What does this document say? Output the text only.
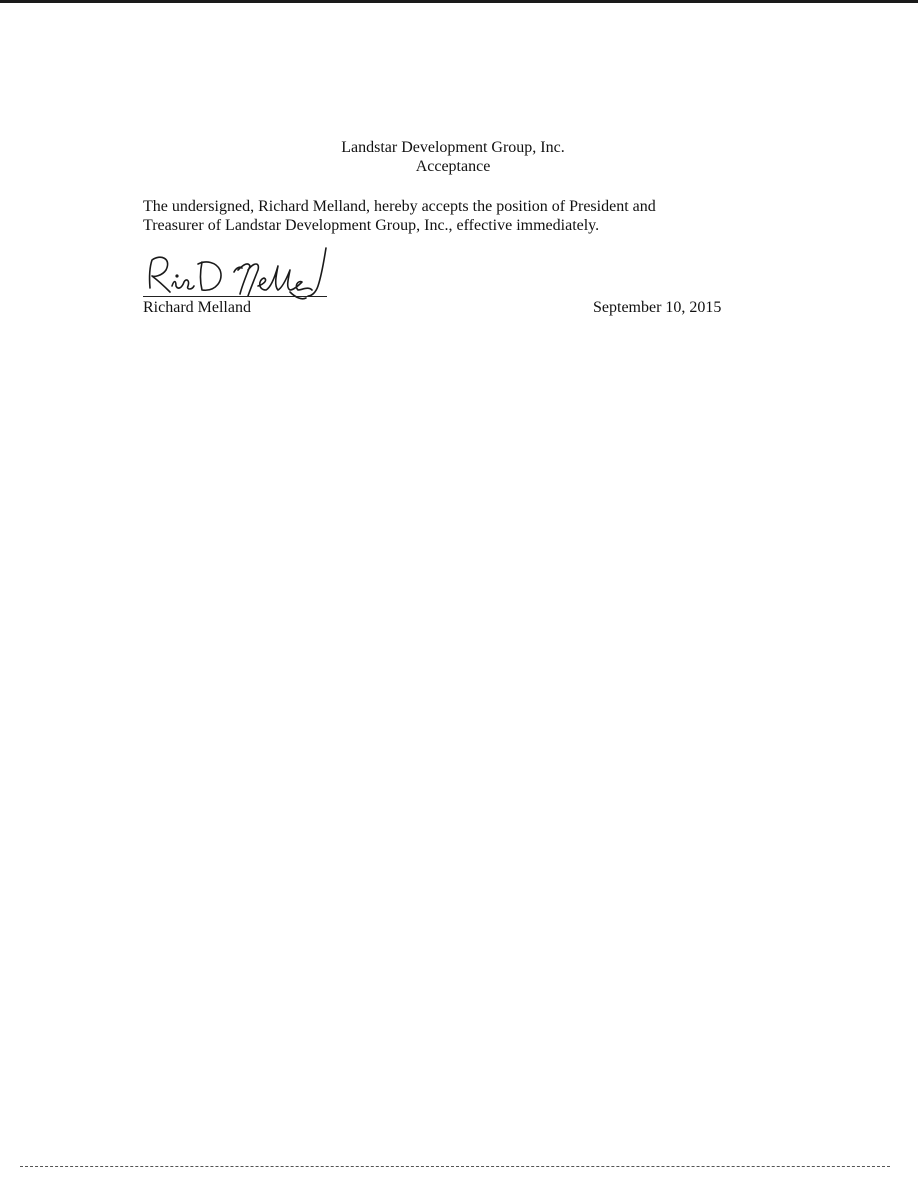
Landstar Development Group, Inc.
Acceptance

The undersigned, Richard Melland, hereby accepts the position of President and

Treasurer of Landstar Development Group, Inc., effective immediately.

Richard Melland	September 10, 2015
